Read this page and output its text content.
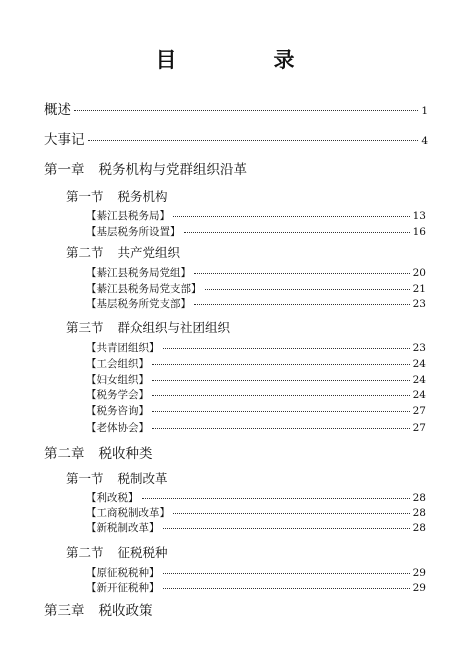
目　录
概述	1
大事记	4
第一章 税务机构与党群组织沿革
第一节 税务机构
【綦江县税务局】	13
【基层税务所设置】	16
第二节 共产党组织
【綦江县税务局党组】	20
【綦江县税务局党支部】	21
【基层税务所党支部】	23
第三节 群众组织与社团组织
【共青团组织】	23
【工会组织】	24
【妇女组织】	24
【税务学会】	24
【税务咨询】	27
【老体协会】	27
第二章 税收种类
第一节 税制改革
【利改税】	28
【工商税制改革】	28
【新税制改革】	28
第二节 征税税种
【原征税税种】	29
【新开征税种】	29
第三章 税收政策
